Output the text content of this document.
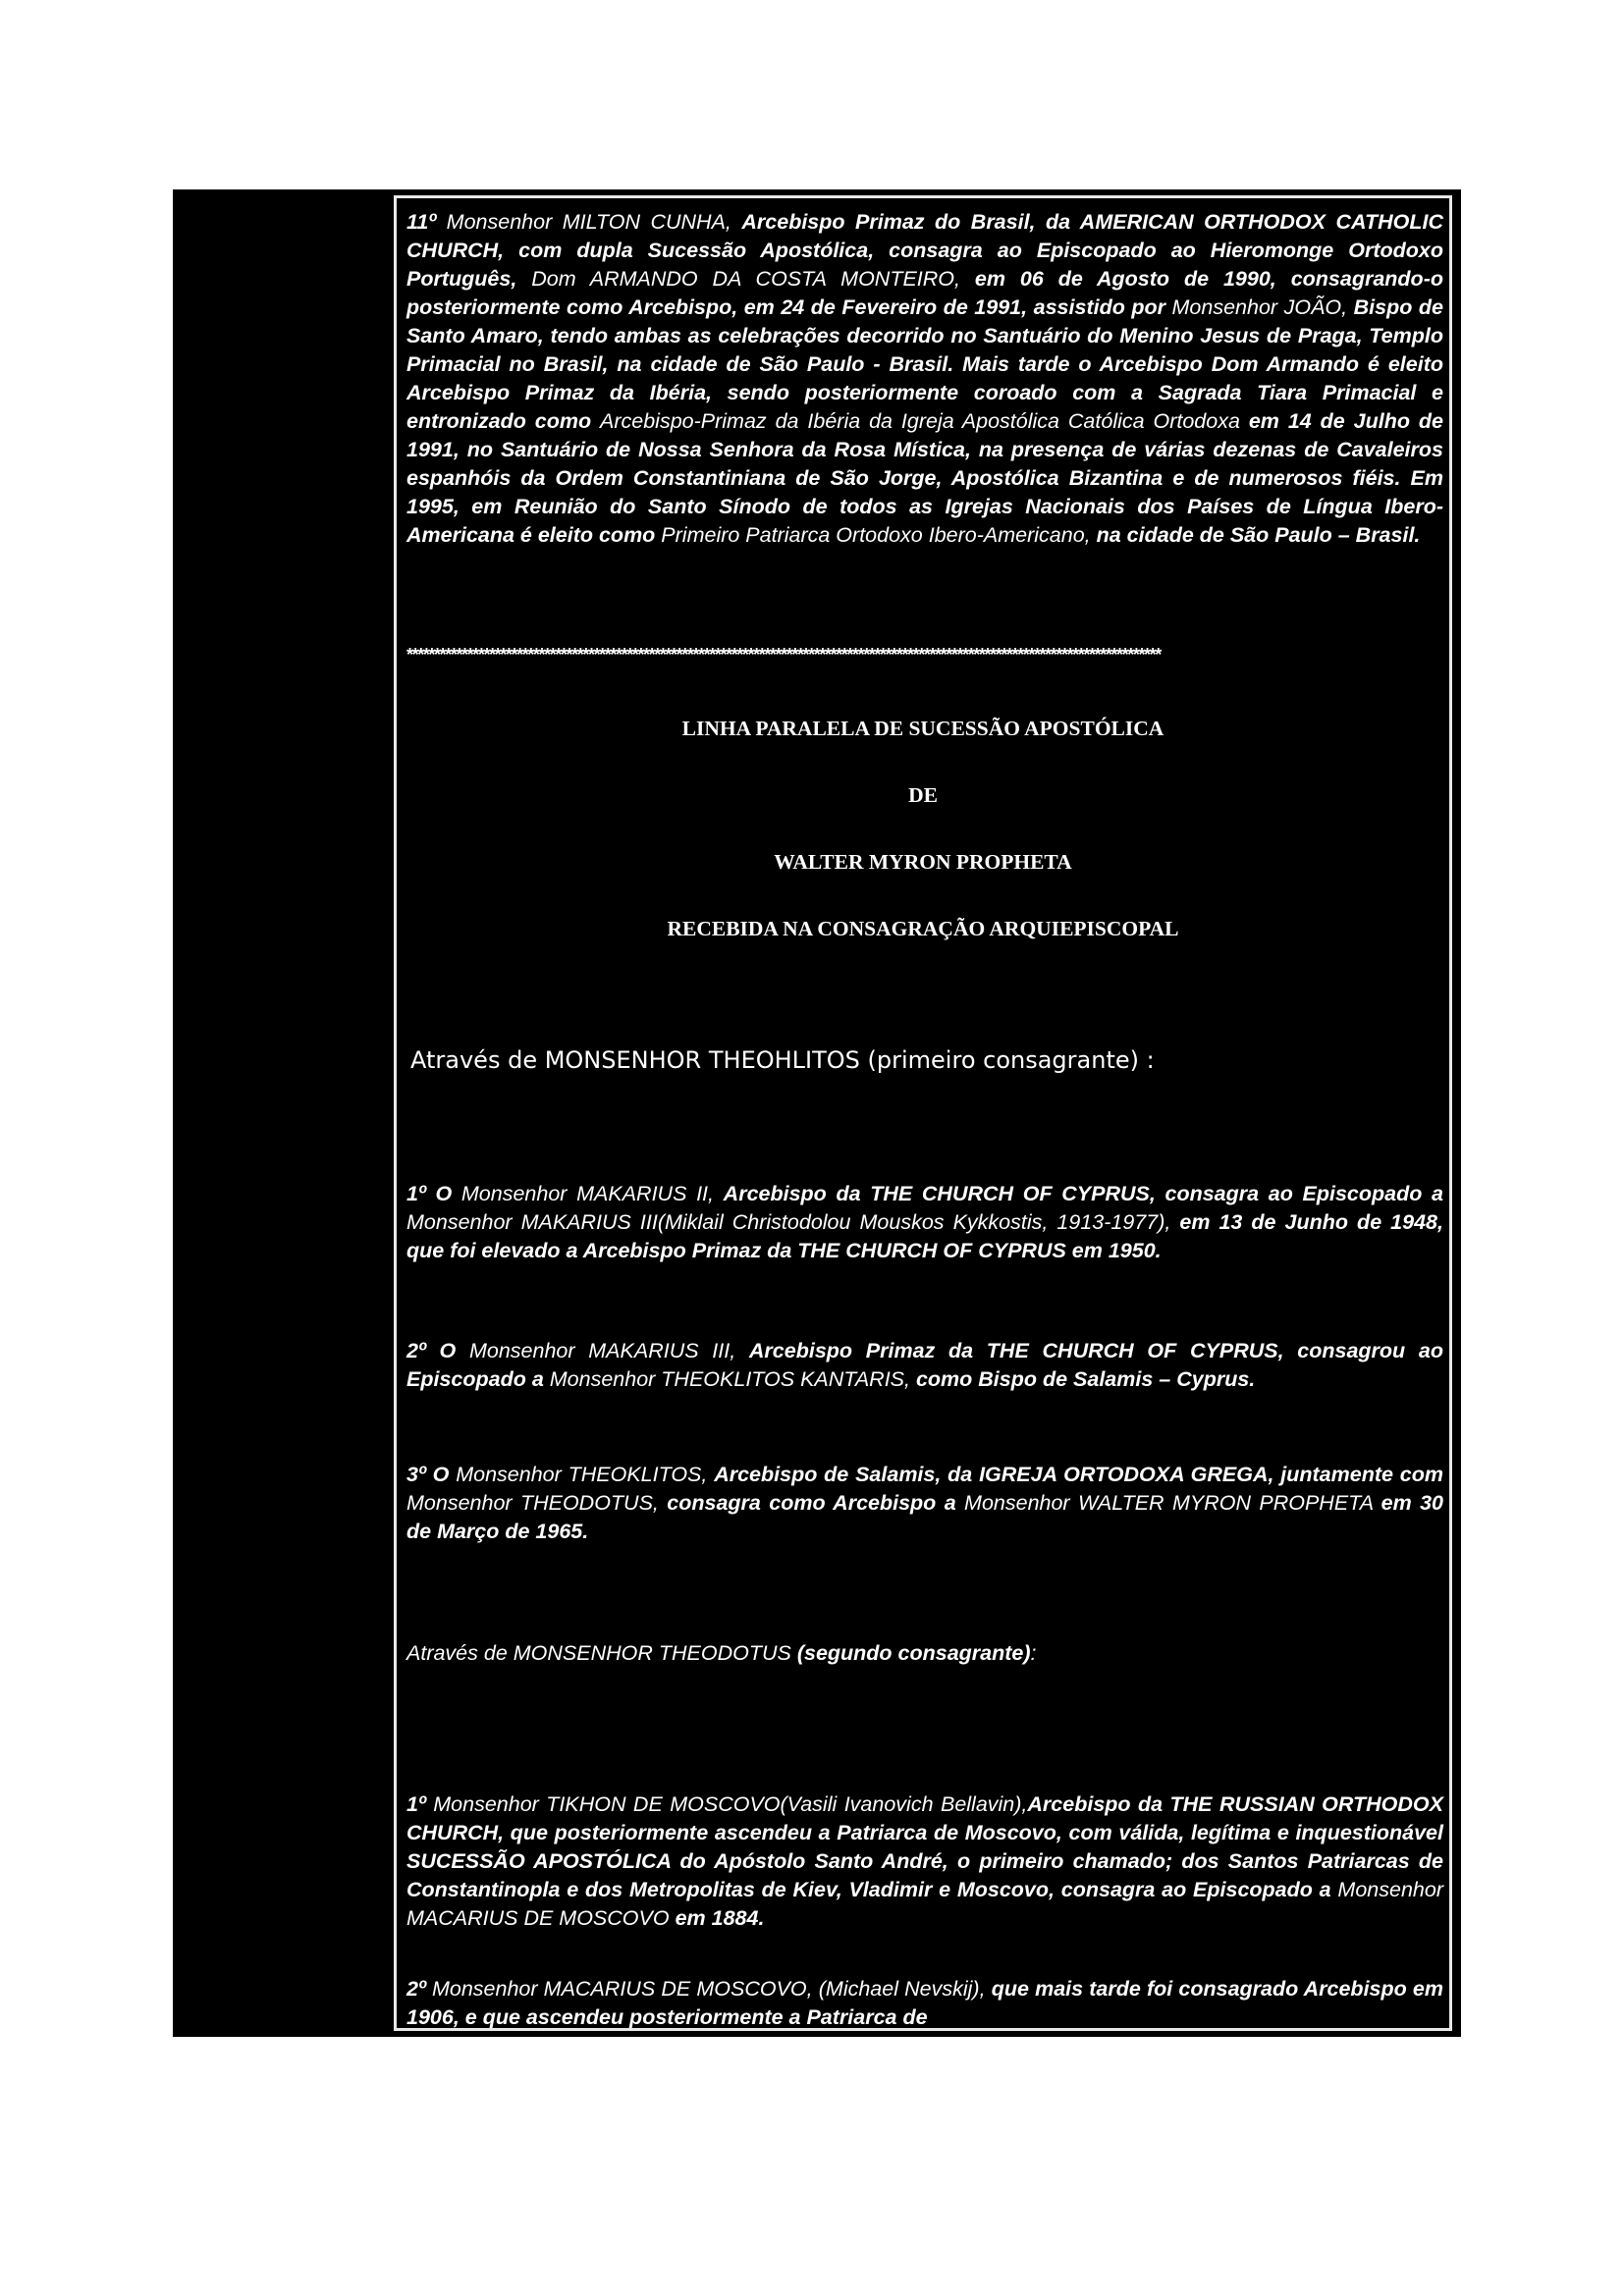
11º Monsenhor MILTON CUNHA, Arcebispo Primaz do Brasil, da AMERICAN ORTHODOX CATHOLIC CHURCH, com dupla Sucessão Apostólica, consagra ao Episcopado ao Hieromonge Ortodoxo Português, Dom ARMANDO DA COSTA MONTEIRO, em 06 de Agosto de 1990, consagrando-o posteriormente como Arcebispo, em 24 de Fevereiro de 1991, assistido por Monsenhor JOÃO, Bispo de Santo Amaro, tendo ambas as celebrações decorrido no Santuário do Menino Jesus de Praga, Templo Primacial no Brasil, na cidade de São Paulo - Brasil. Mais tarde o Arcebispo Dom Armando é eleito Arcebispo Primaz da Ibéria, sendo posteriormente coroado com a Sagrada Tiara Primacial e entronizado como Arcebispo-Primaz da Ibéria da Igreja Apostólica Católica Ortodoxa em 14 de Julho de 1991, no Santuário de Nossa Senhora da Rosa Mística, na presença de várias dezenas de Cavaleiros espanhóis da Ordem Constantiniana de São Jorge, Apostólica Bizantina e de numerosos fiéis. Em 1995, em Reunião do Santo Sínodo de todos as Igrejas Nacionais dos Países de Língua Ibero-Americana é eleito como Primeiro Patriarca Ortodoxo Ibero-Americano, na cidade de São Paulo – Brasil.

*****************************************************************************************************************************************
LINHA PARALELA DE SUCESSÃO APOSTÓLICA
DE
WALTER MYRON PROPHETA
RECEBIDA NA CONSAGRAÇÃO ARQUIEPISCOPAL
Através de MONSENHOR THEOHLITOS (primeiro consagrante) :

1º O Monsenhor MAKARIUS II, Arcebispo da THE CHURCH OF CYPRUS, consagra ao Episcopado a Monsenhor MAKARIUS III(Miklail Christodolou Mouskos Kykkostis, 1913-1977), em 13 de Junho de 1948, que foi elevado a Arcebispo Primaz da THE CHURCH OF CYPRUS em 1950.

2º O Monsenhor MAKARIUS III, Arcebispo Primaz da THE CHURCH OF CYPRUS, consagrou ao Episcopado a Monsenhor THEOKLITOS KANTARIS, como Bispo de Salamis – Cyprus.

3º O Monsenhor THEOKLITOS, Arcebispo de Salamis, da IGREJA ORTODOXA GREGA, juntamente com Monsenhor THEODOTUS, consagra como Arcebispo a Monsenhor WALTER MYRON PROPHETA em 30 de Março de 1965.

Através de MONSENHOR THEODOTUS (segundo consagrante):

1º Monsenhor TIKHON DE MOSCOVO(Vasili Ivanovich Bellavin),Arcebispo da THE RUSSIAN ORTHODOX CHURCH, que posteriormente ascendeu a Patriarca de Moscovo, com válida, legítima e inquestionável SUCESSÃO APOSTÓLICA do Apóstolo Santo André, o primeiro chamado; dos Santos Patriarcas de Constantinopla e dos Metropolitas de Kiev, Vladimir e Moscovo, consagra ao Episcopado a Monsenhor MACARIUS DE MOSCOVO em 1884.

2º Monsenhor MACARIUS DE MOSCOVO, (Michael Nevskij), que mais tarde foi consagrado Arcebispo em 1906, e que ascendeu posteriormente a Patriarca de
